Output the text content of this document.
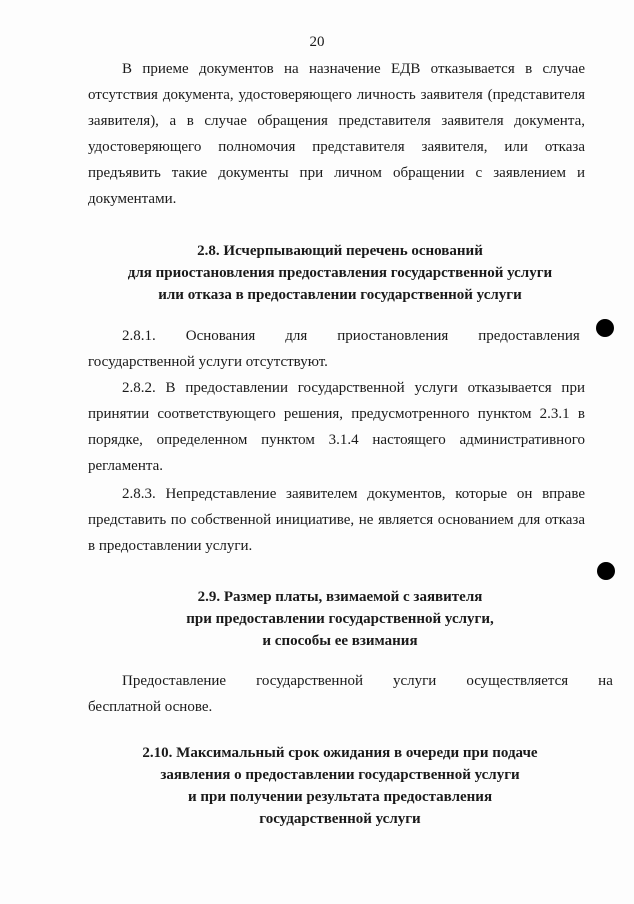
20
В приеме документов на назначение ЕДВ отказывается в случае
отсутствия документа, удостоверяющего личность заявителя (представителя
заявителя), а в случае обращения представителя заявителя документа,
удостоверяющего полномочия представителя заявителя, или отказа
предъявить такие документы при личном обращении с заявлением и
документами.
2.8. Исчерпывающий перечень оснований
для приостановления предоставления государственной услуги
или отказа в предоставлении государственной услуги
2.8.1.        Основания        для        приостановления        предоставления
государственной услуги отсутствуют.
2.8.2. В предоставлении государственной услуги отказывается при
принятии соответствующего решения, предусмотренного пунктом 2.3.1 в
порядке, определенном пунктом 3.1.4 настоящего административного
регламента.
2.8.3. Непредставление заявителем документов, которые он вправе
представить по собственной инициативе, не является основанием для отказа
в предоставлении услуги.
2.9. Размер платы, взимаемой с заявителя
при предоставлении государственной услуги,
и способы ее взимания
Предоставление        государственной        услуги        осуществляется        на
бесплатной основе.
2.10. Максимальный срок ожидания в очереди при подаче
заявления о предоставлении государственной услуги
и при получении результата предоставления
государственной услуги
